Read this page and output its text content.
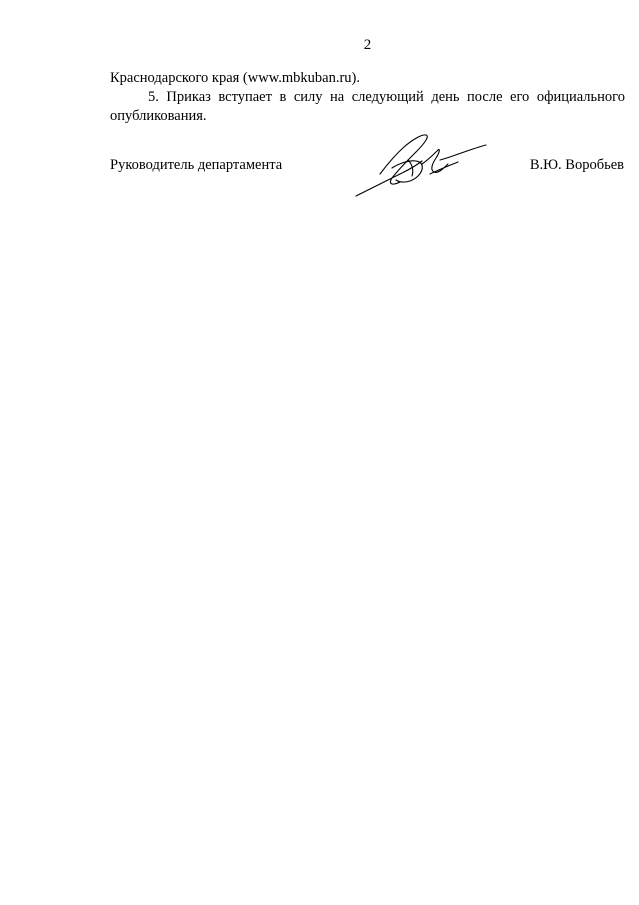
2
Краснодарского края (www.mbkuban.ru).
5. Приказ вступает в силу на следующий день после его официального
опубликования.
Руководитель департамента	В.Ю. Воробьев
